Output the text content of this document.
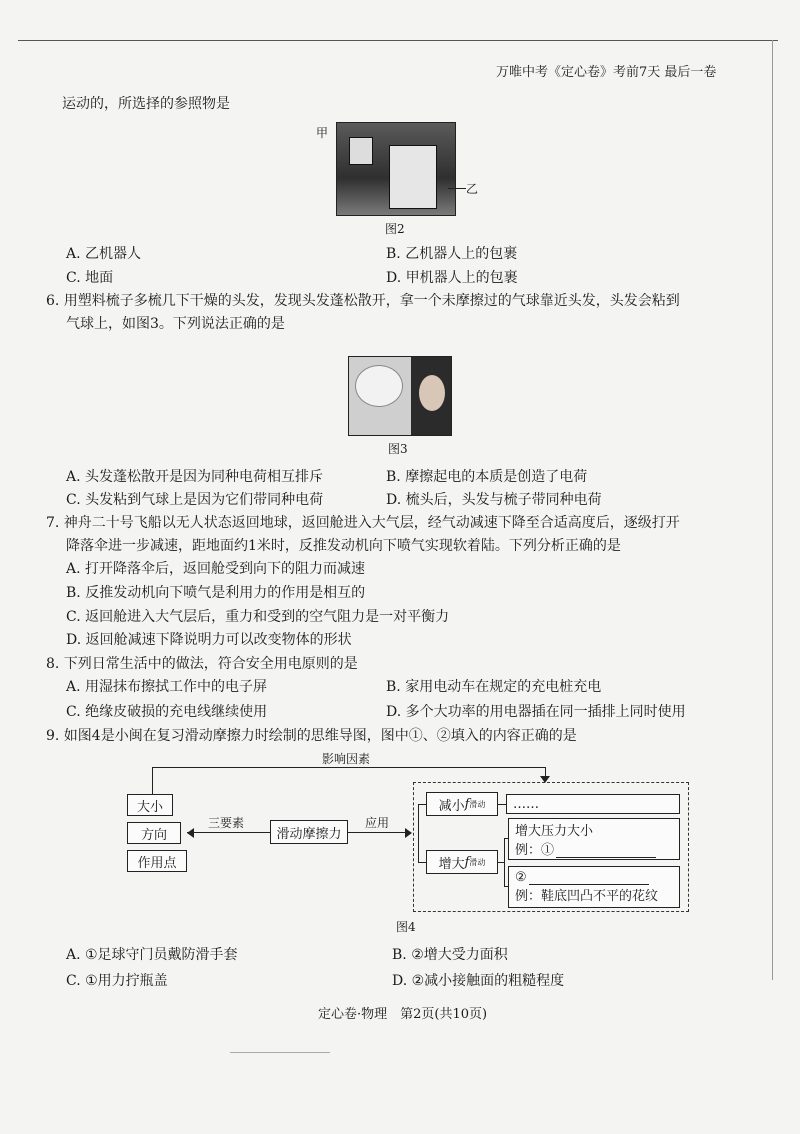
万唯中考《定心卷》考前7天 最后一卷
运动的，所选择的参照物是
甲
乙
图2
A. 乙机器人	B. 乙机器人上的包裹
C. 地面	D. 甲机器人上的包裹
6. 用塑料梳子多梳几下干燥的头发，发现头发蓬松散开，拿一个未摩擦过的气球靠近头发，头发会粘到
气球上，如图3。下列说法正确的是
图3
A. 头发蓬松散开是因为同种电荷相互排斥	B. 摩擦起电的本质是创造了电荷
C. 头发粘到气球上是因为它们带同种电荷	D. 梳头后，头发与梳子带同种电荷
7. 神舟二十号飞船以无人状态返回地球，返回舱进入大气层，经气动减速下降至合适高度后，逐级打开
降落伞进一步减速，距地面约1米时，反推发动机向下喷气实现软着陆。下列分析正确的是
A. 打开降落伞后，返回舱受到向下的阻力而减速
B. 反推发动机向下喷气是利用力的作用是相互的
C. 返回舱进入大气层后，重力和受到的空气阻力是一对平衡力
D. 返回舱减速下降说明力可以改变物体的形状
8. 下列日常生活中的做法，符合安全用电原则的是
A. 用湿抹布擦拭工作中的电子屏	B. 家用电动车在规定的充电桩充电
C. 绝缘皮破损的充电线继续使用	D. 多个大功率的用电器插在同一插排上同时使用
9. 如图4是小闽在复习滑动摩擦力时绘制的思维导图，图中①、②填入的内容正确的是
影响因素
大小
方向
作用点
三要素
滑动摩擦力
应用
减小 f 滑动
增大 f 滑动
……
增大压力大小
例：①
②
例：鞋底凹凸不平的花纹
图4
A. ①足球守门员戴防滑手套	B. ②增大受力面积
C. ①用力拧瓶盖	D. ②减小接触面的粗糙程度
定心卷·物理　第2页(共10页)
